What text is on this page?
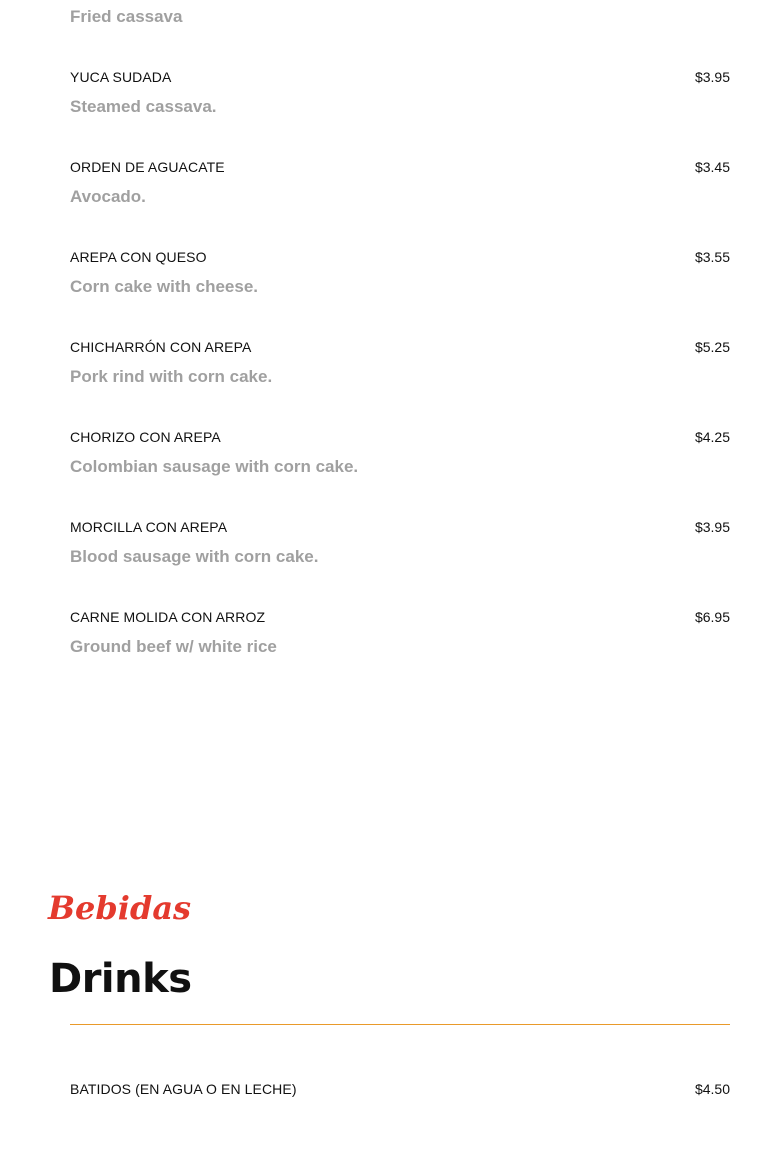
Fried cassava
YUCA SUDADA	$3.95
Steamed cassava.
ORDEN DE AGUACATE	$3.45
Avocado.
AREPA CON QUESO	$3.55
Corn cake with cheese.
CHICHARRÓN CON AREPA	$5.25
Pork rind with corn cake.
CHORIZO CON AREPA	$4.25
Colombian sausage with corn cake.
MORCILLA CON AREPA	$3.95
Blood sausage with corn cake.
CARNE MOLIDA CON ARROZ	$6.95
Ground beef w/ white rice
Bebidas
Drinks
BATIDOS (EN AGUA O EN LECHE)	$4.50
